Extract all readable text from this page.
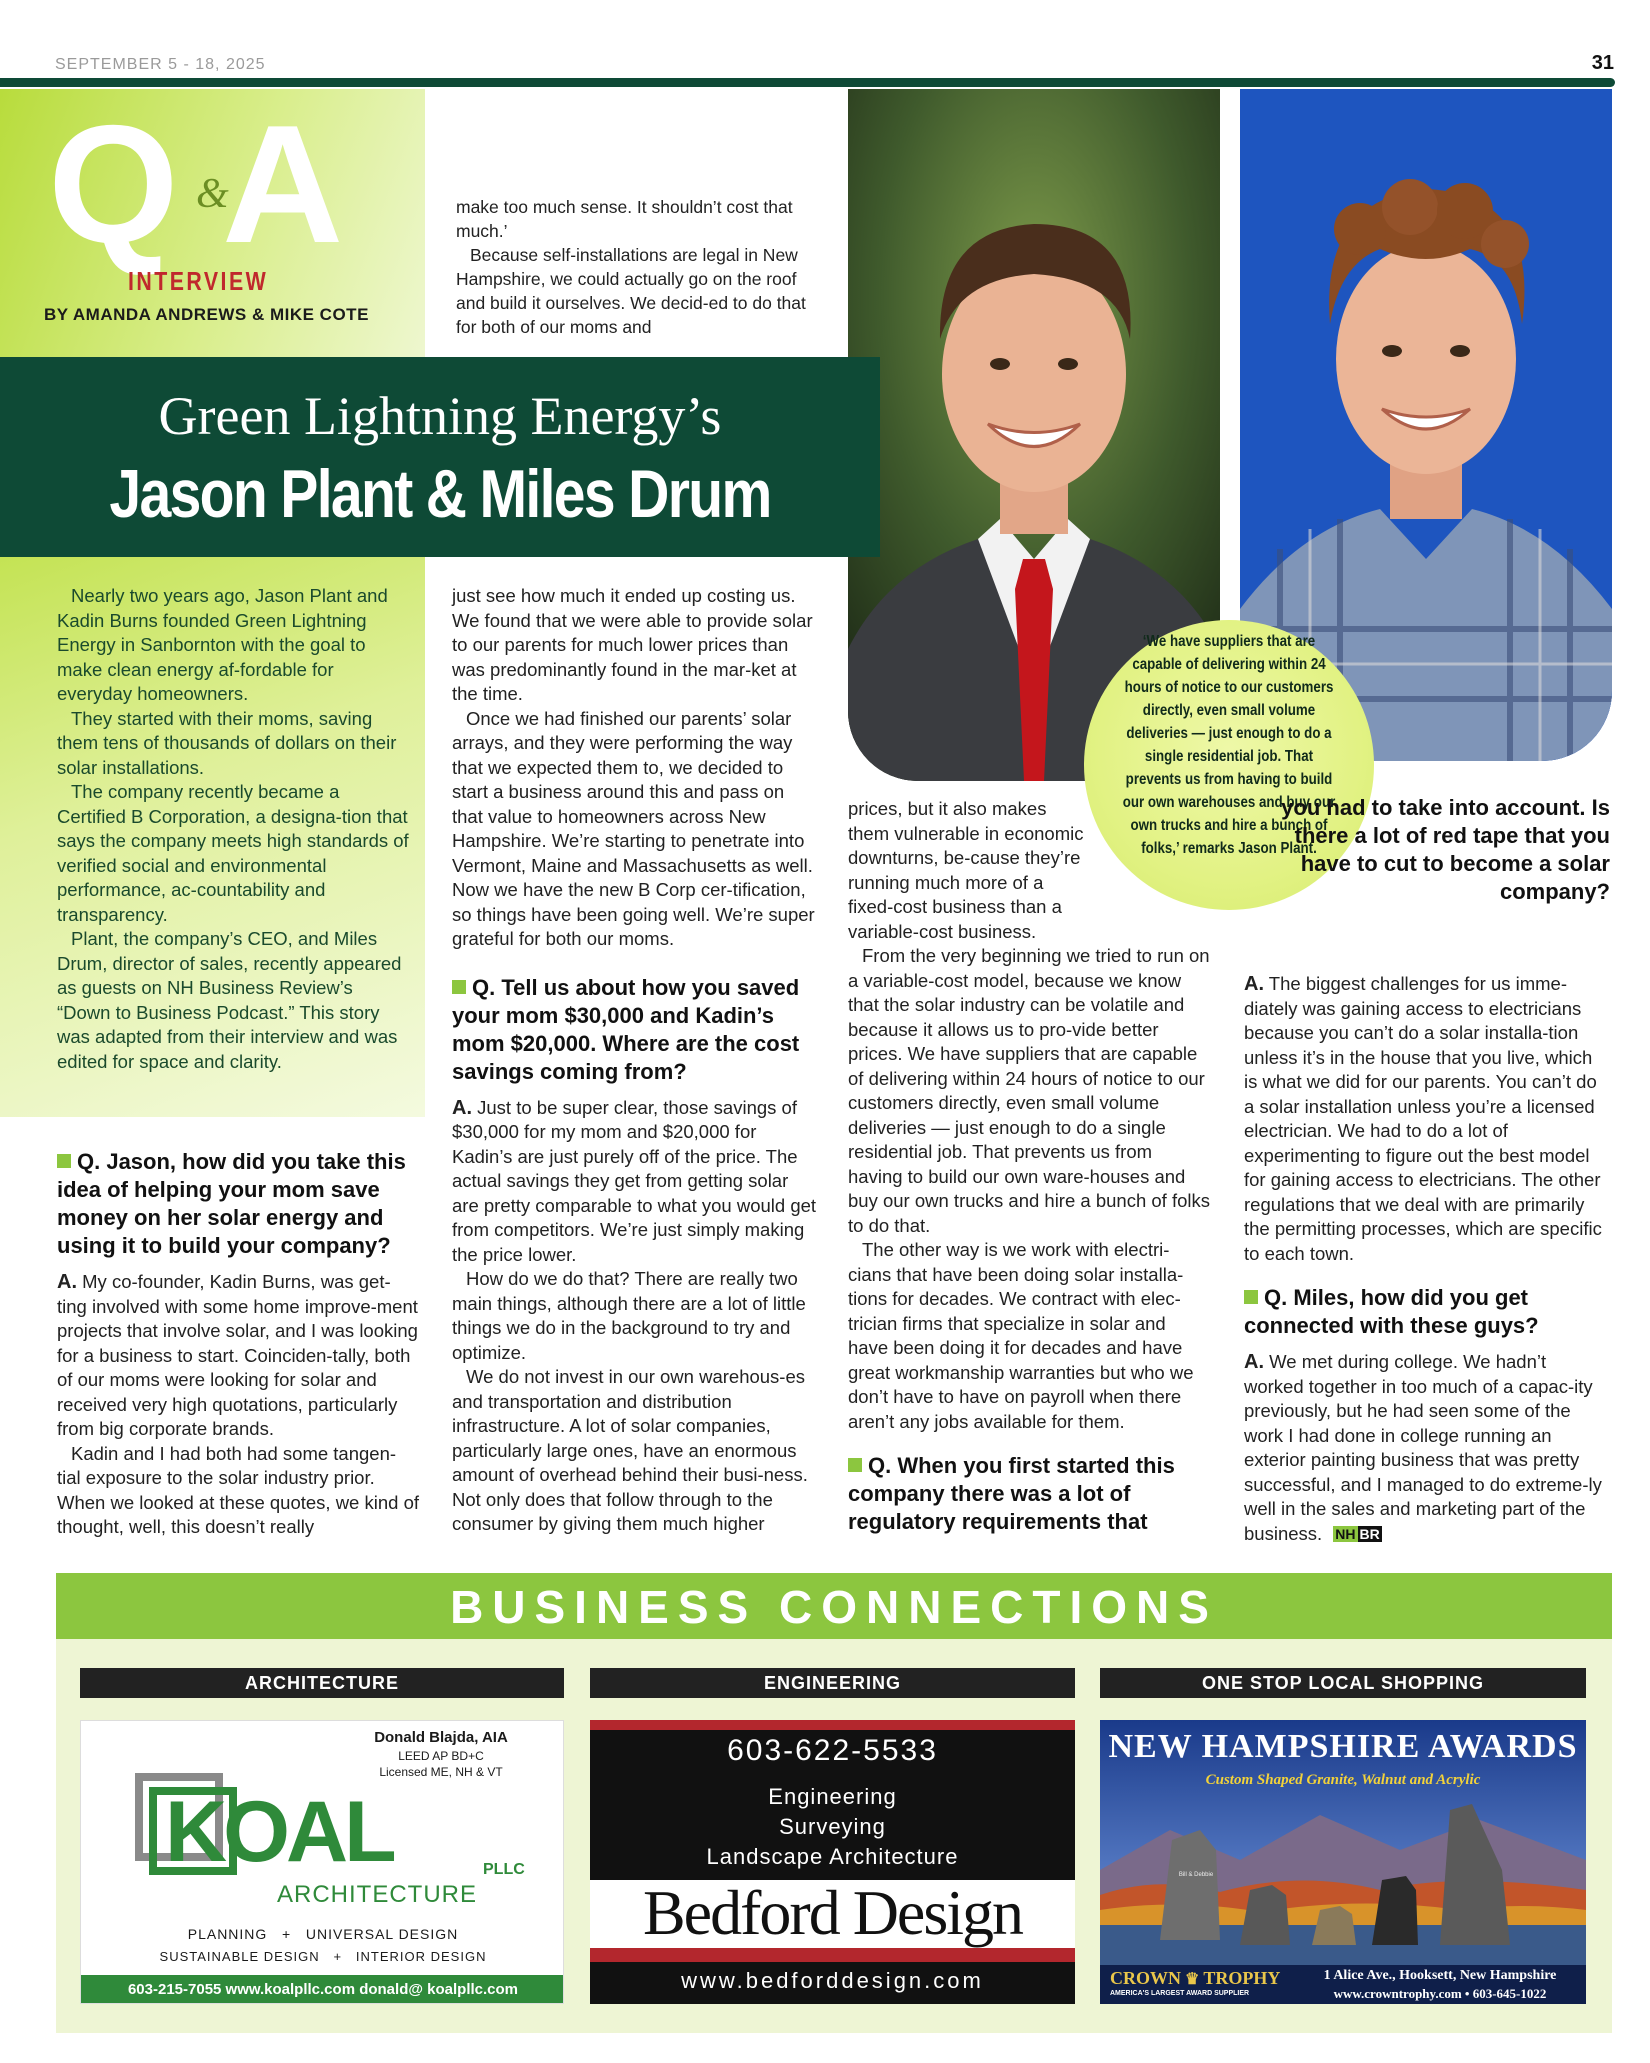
SEPTEMBER 5 - 18, 2025	31
Q &
A
INTERVIEW
BY AMANDA ANDREWS & MIKE COTE

make too much sense. It shouldn’t cost that much.’

Because self-installations are legal in New Hampshire, we could actually go on the roof and build it ourselves. We decid-ed to do that for both of our moms and

Green Lightning Energy’s
Jason Plant & Miles Drum

Nearly two years ago, Jason Plant and Kadin Burns founded Green Lightning Energy in Sanbornton with the goal to make clean energy af-fordable for everyday homeowners.

They started with their moms, saving them tens of thousands of dollars on their solar installations.

The company recently became a Certified B Corporation, a designa-tion that says the company meets high standards of verified social and environmental performance, ac-countability and transparency.

Plant, the company’s CEO, and Miles Drum, director of sales, recently appeared as guests on NH Business Review’s “Down to Business Podcast.” This story was adapted from their interview and was edited for space and clarity.

Q. Jason, how did you take this idea of helping your mom save money on her solar energy and using it to build your company?

A. My co-founder, Kadin Burns, was get-ting involved with some home improve-ment projects that involve solar, and I was looking for a business to start. Coinciden-tally, both of our moms were looking for solar and received very high quotations, particularly from big corporate brands.

Kadin and I had both had some tangen-tial exposure to the solar industry prior. When we looked at these quotes, we kind of thought, well, this doesn’t really

just see how much it ended up costing us. We found that we were able to provide solar to our parents for much lower prices than was predominantly found in the mar-ket at the time.

Once we had finished our parents’ solar arrays, and they were performing the way that we expected them to, we decided to start a business around this and pass on that value to homeowners across New Hampshire. We’re starting to penetrate into Vermont, Maine and Massachusetts as well. Now we have the new B Corp cer-tification, so things have been going well. We’re super grateful for both our moms.

Q. Tell us about how you saved your mom $30,000 and Kadin’s mom $20,000. Where are the cost savings coming from?

A. Just to be super clear, those savings of $30,000 for my mom and $20,000 for Kadin’s are just purely off of the price. The actual savings they get from getting solar are pretty comparable to what you would get from competitors. We’re just simply making the price lower.

How do we do that? There are really two main things, although there are a lot of little things we do in the background to try and optimize.

We do not invest in our own warehous-es and transportation and distribution infrastructure. A lot of solar companies, particularly large ones, have an enormous amount of overhead behind their busi-ness. Not only does that follow through to the consumer by giving them much higher

prices, but it also makes them vulnerable in economic downturns, be-cause they’re running much more of a fixed-cost business than a variable-cost business.

From the very beginning we tried to run on a variable-cost model, because we know that the solar industry can be volatile and because it allows us to pro-vide better prices. We have suppliers that are capable of delivering within 24 hours of notice to our customers directly, even small volume deliveries — just enough to do a single residential job. That prevents us from having to build our own ware-houses and buy our own trucks and hire a bunch of folks to do that.

The other way is we work with electri-cians that have been doing solar installa-tions for decades. We contract with elec-trician firms that specialize in solar and have been doing it for decades and have great workmanship warranties but who we don’t have to have on payroll when there aren’t any jobs available for them.

Q. When you first started this company there was a lot of regulatory requirements that
‘We have suppliers that are capable of delivering within 24 hours of notice to our customers directly, even small volume deliveries — just enough to do a single residential job. That prevents us from having to build our own warehouses and buy our own trucks and hire a bunch of folks,’ remarks Jason Plant.
you had to take into account. Is there a lot of red tape that you have to cut to become a solar company?

A. The biggest challenges for us imme-diately was gaining access to electricians because you can’t do a solar installa-tion unless it’s in the house that you live, which is what we did for our parents. You can’t do a solar installation unless you’re a licensed electrician. We had to do a lot of experimenting to figure out the best model for gaining access to electricians. The other regulations that we deal with are primarily the permitting processes, which are specific to each town.

Q. Miles, how did you get connected with these guys?

A. We met during college. We hadn’t worked together in too much of a capac-ity previously, but he had seen some of the work I had done in college running an exterior painting business that was pretty successful, and I managed to do extreme-ly well in the sales and marketing part of the business. NH BR

BUSINESS CONNECTIONS
ARCHITECTURE	ENGINEERING	ONE STOP LOCAL SHOPPING
Donald Blajda, AIA
LEED AP BD+C
Licensed ME, NH & VT
KOAL	PLLC
ARCHITECTURE
PLANNING + UNIVERSAL DESIGN
SUSTAINABLE DESIGN + INTERIOR DESIGN
603-215-7055 www.koalpllc.com donald@ koalpllc.com
603-622-5533
Engineering
Surveying
Landscape Architecture
Bedford Design
www.bedforddesign.com
NEW HAMPSHIRE AWARDS
Custom Shaped Granite, Walnut and Acrylic
Bill & Debbie
CROWN ♛ TROPHY
AMERICA'S LARGEST AWARD SUPPLIER
1 Alice Ave., Hooksett, New Hampshire
www.crowntrophy.com • 603-645-1022
